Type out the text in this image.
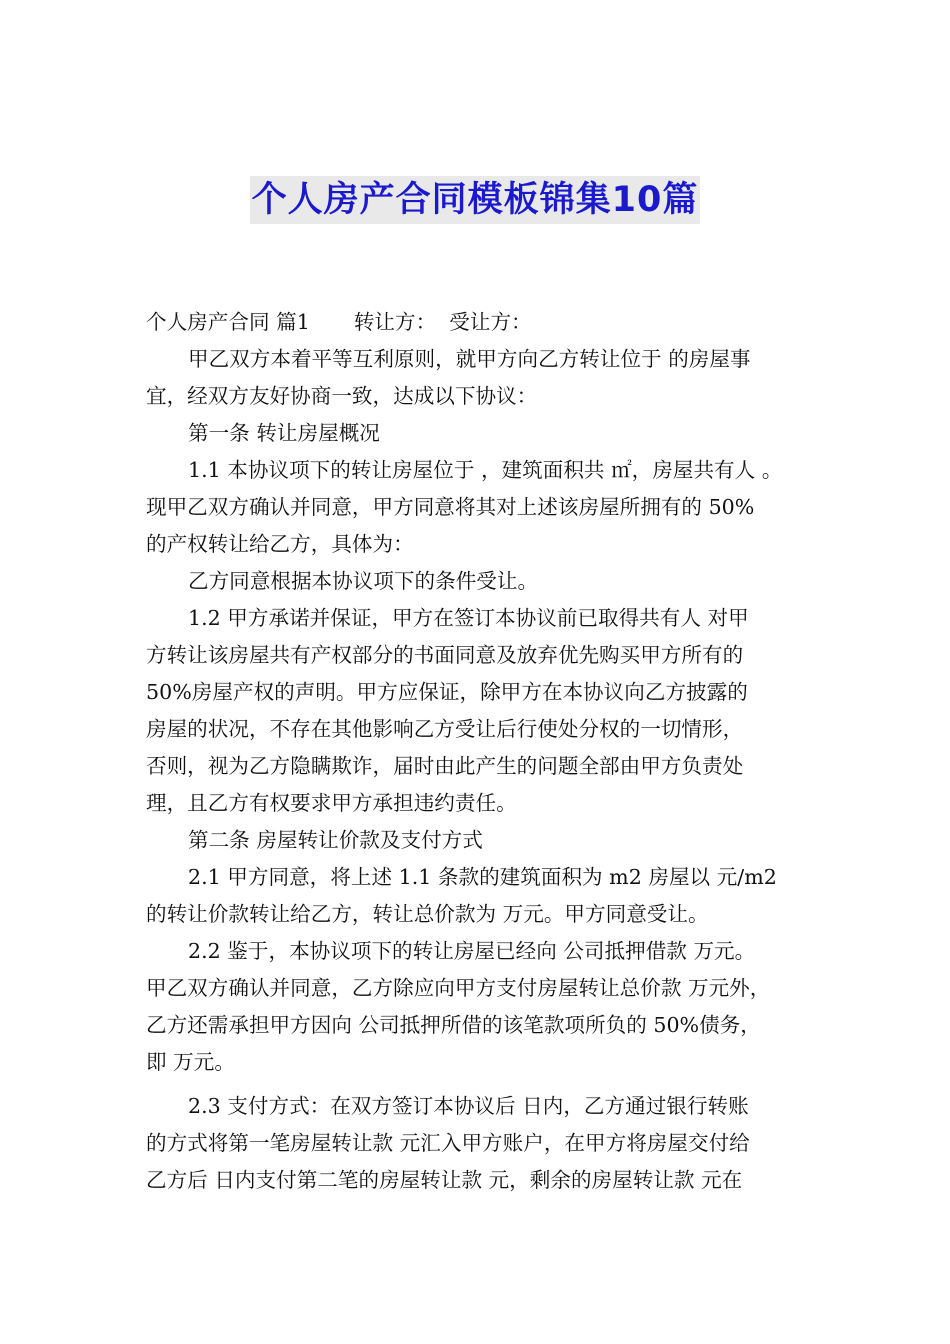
个人房产合同模板锦集10篇
个人房产合同 篇1 转让方： 受让方：
甲乙双方本着平等互利原则，就甲方向乙方转让位于 的房屋事
宜，经双方友好协商一致，达成以下协议：
第一条 转让房屋概况
1.1 本协议项下的转让房屋位于 ，建筑面积共 ㎡，房屋共有人 。
现甲乙双方确认并同意，甲方同意将其对上述该房屋所拥有的 50%
的产权转让给乙方，具体为：
乙方同意根据本协议项下的条件受让。
1.2 甲方承诺并保证，甲方在签订本协议前已取得共有人 对甲
方转让该房屋共有产权部分的书面同意及放弃优先购买甲方所有的
50%房屋产权的声明。甲方应保证，除甲方在本协议向乙方披露的
房屋的状况，不存在其他影响乙方受让后行使处分权的一切情形，
否则，视为乙方隐瞒欺诈，届时由此产生的问题全部由甲方负责处
理，且乙方有权要求甲方承担违约责任。
第二条 房屋转让价款及支付方式
2.1 甲方同意，将上述 1.1 条款的建筑面积为 m2 房屋以 元/m2
的转让价款转让给乙方，转让总价款为 万元。甲方同意受让。
2.2 鉴于，本协议项下的转让房屋已经向 公司抵押借款 万元。
甲乙双方确认并同意，乙方除应向甲方支付房屋转让总价款 万元外，
乙方还需承担甲方因向 公司抵押所借的该笔款项所负的 50%债务，
即 万元。
2.3 支付方式：在双方签订本协议后 日内，乙方通过银行转账
的方式将第一笔房屋转让款 元汇入甲方账户，在甲方将房屋交付给
乙方后 日内支付第二笔的房屋转让款 元，剩余的房屋转让款 元在
